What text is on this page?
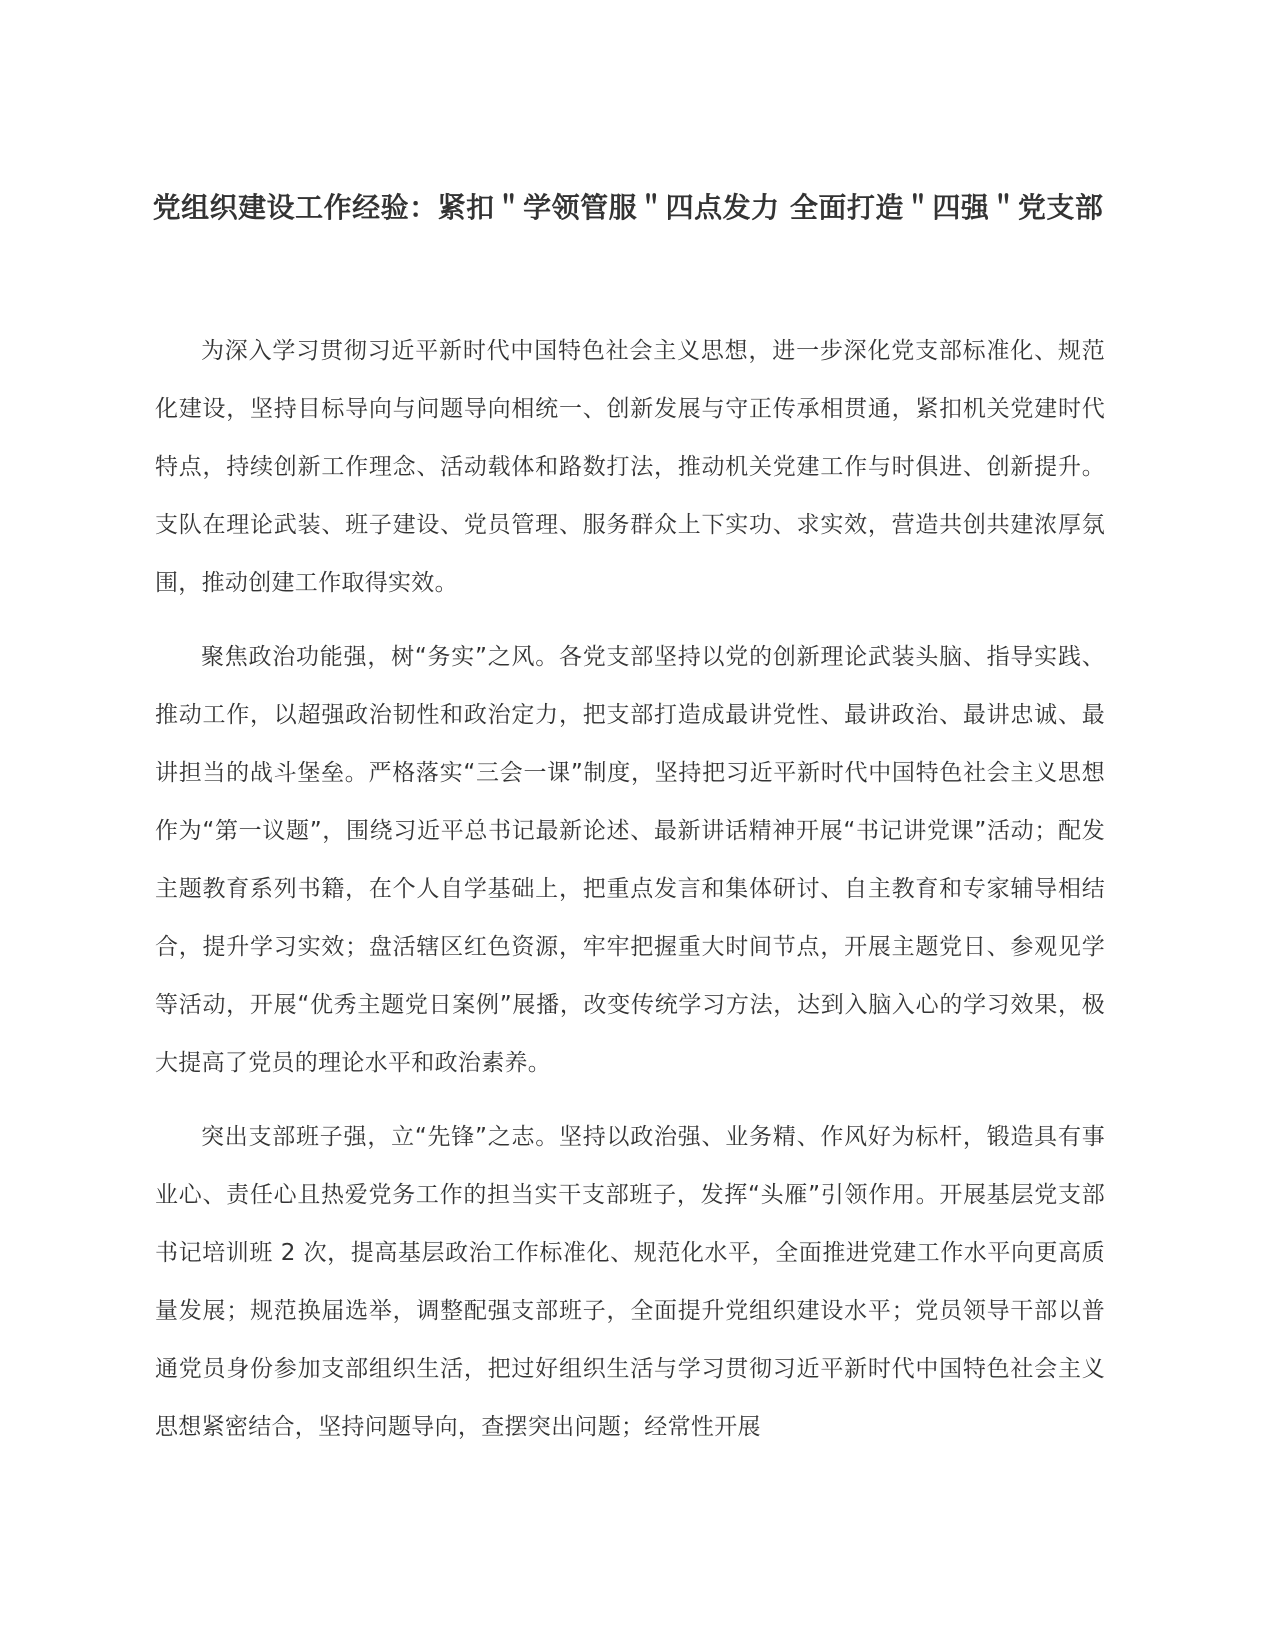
党组织建设工作经验：紧扣＂学领管服＂四点发力 全面打造＂四强＂党支部

为深入学习贯彻习近平新时代中国特色社会主义思想，进一步深化党支部标准化、规范化建设，坚持目标导向与问题导向相统一、创新发展与守正传承相贯通，紧扣机关党建时代特点，持续创新工作理念、活动载体和路数打法，推动机关党建工作与时俱进、创新提升。支队在理论武装、班子建设、党员管理、服务群众上下实功、求实效，营造共创共建浓厚氛围，推动创建工作取得实效。

聚焦政治功能强，树“务实”之风。各党支部坚持以党的创新理论武装头脑、指导实践、推动工作，以超强政治韧性和政治定力，把支部打造成最讲党性、最讲政治、最讲忠诚、最讲担当的战斗堡垒。严格落实“三会一课”制度，坚持把习近平新时代中国特色社会主义思想作为“第一议题”，围绕习近平总书记最新论述、最新讲话精神开展“书记讲党课”活动；配发主题教育系列书籍，在个人自学基础上，把重点发言和集体研讨、自主教育和专家辅导相结合，提升学习实效；盘活辖区红色资源，牢牢把握重大时间节点，开展主题党日、参观见学等活动，开展“优秀主题党日案例”展播，改变传统学习方法，达到入脑入心的学习效果，极大提高了党员的理论水平和政治素养。

突出支部班子强，立“先锋”之志。坚持以政治强、业务精、作风好为标杆，锻造具有事业心、责任心且热爱党务工作的担当实干支部班子，发挥“头雁”引领作用。开展基层党支部书记培训班 2 次，提高基层政治工作标准化、规范化水平，全面推进党建工作水平向更高质量发展；规范换届选举，调整配强支部班子，全面提升党组织建设水平；党员领导干部以普通党员身份参加支部组织生活，把过好组织生活与学习贯彻习近平新时代中国特色社会主义思想紧密结合，坚持问题导向，查摆突出问题；经常性开展
